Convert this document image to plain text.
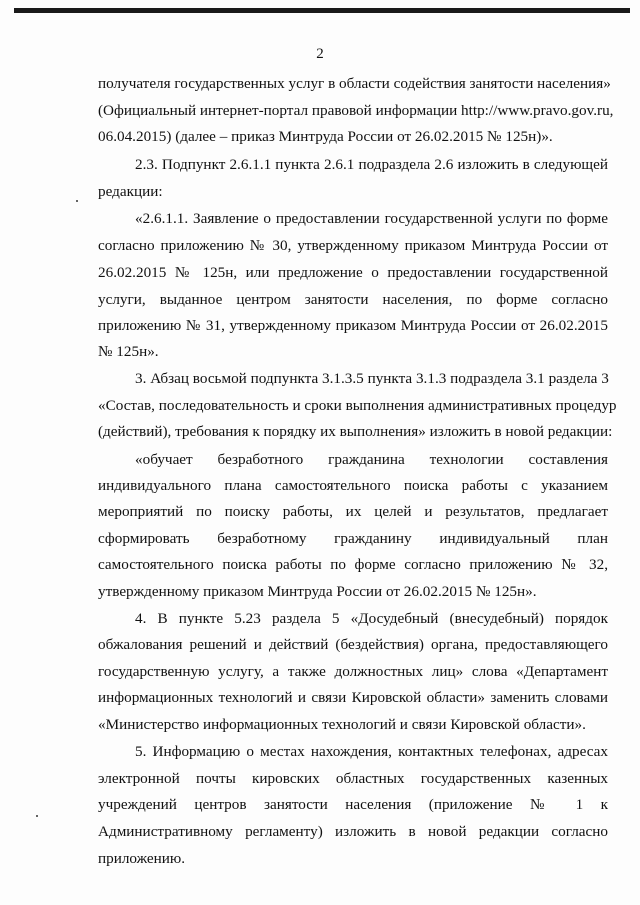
2
получателя государственных услуг в области содействия занятости населения»
(Официальный интернет-портал правовой информации http://www.pravo.gov.ru,
06.04.2015) (далее – приказ Минтруда России от 26.02.2015 № 125н)».
2.3. Подпункт 2.6.1.1 пункта 2.6.1 подраздела 2.6 изложить в следующей
редакции:
«2.6.1.1. Заявление о предоставлении государственной услуги по форме
согласно приложению № 30, утвержденному приказом Минтруда России от
26.02.2015 № 125н, или предложение о предоставлении государственной
услуги, выданное центром занятости населения, по форме согласно
приложению № 31, утвержденному приказом Минтруда России от 26.02.2015
№ 125н».
3. Абзац восьмой подпункта 3.1.3.5 пункта 3.1.3 подраздела 3.1 раздела 3
«Состав, последовательность и сроки выполнения административных процедур
(действий), требования к порядку их выполнения» изложить в новой редакции:
«обучает безработного гражданина технологии составления
индивидуального плана самостоятельного поиска работы с указанием
мероприятий по поиску работы, их целей и результатов, предлагает
сформировать безработному гражданину индивидуальный план
самостоятельного поиска работы по форме согласно приложению № 32,
утвержденному приказом Минтруда России от 26.02.2015 № 125н».
4. В пункте 5.23 раздела 5 «Досудебный (внесудебный) порядок
обжалования решений и действий (бездействия) органа, предоставляющего
государственную услугу, а также должностных лиц» слова «Департамент
информационных технологий и связи Кировской области» заменить словами
«Министерство информационных технологий и связи Кировской области».
5. Информацию о местах нахождения, контактных телефонах, адресах
электронной почты кировских областных государственных казенных
учреждений центров занятости населения (приложение № 1 к
Административному регламенту) изложить в новой редакции согласно
приложению.
